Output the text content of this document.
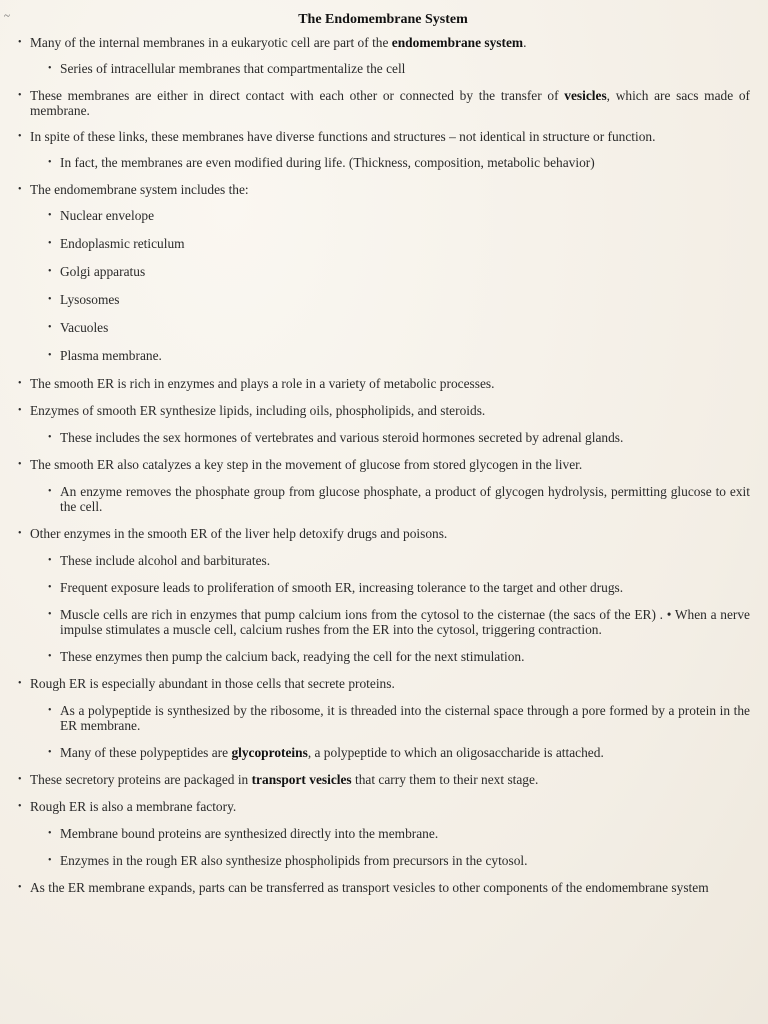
~	The Endomembrane System
• Many of the internal membranes in a eukaryotic cell are part of the endomembrane system.
• Series of intracellular membranes that compartmentalize the cell
• These membranes are either in direct contact with each other or connected by the transfer of vesicles, which are sacs made of membrane.
• In spite of these links, these membranes have diverse functions and structures – not identical in structure or function.
• In fact, the membranes are even modified during life. (Thickness, composition, metabolic behavior)
• The endomembrane system includes the:
• Nuclear envelope
• Endoplasmic reticulum
• Golgi apparatus
• Lysosomes
• Vacuoles
• Plasma membrane.
• The smooth ER is rich in enzymes and plays a role in a variety of metabolic processes.
• Enzymes of smooth ER synthesize lipids, including oils, phospholipids, and steroids.
• These includes the sex hormones of vertebrates and various steroid hormones secreted by adrenal glands.
• The smooth ER also catalyzes a key step in the movement of glucose from stored glycogen in the liver.
• An enzyme removes the phosphate group from glucose phosphate, a product of glycogen hydrolysis, permitting glucose to exit the cell.
• Other enzymes in the smooth ER of the liver help detoxify drugs and poisons.
• These include alcohol and barbiturates.
• Frequent exposure leads to proliferation of smooth ER, increasing tolerance to the target and other drugs.
• Muscle cells are rich in enzymes that pump calcium ions from the cytosol to the cisternae (the sacs of the ER) . • When a nerve impulse stimulates a muscle cell, calcium rushes from the ER into the cytosol, triggering contraction.
• These enzymes then pump the calcium back, readying the cell for the next stimulation.
• Rough ER is especially abundant in those cells that secrete proteins.
• As a polypeptide is synthesized by the ribosome, it is threaded into the cisternal space through a pore formed by a protein in the ER membrane.
• Many of these polypeptides are glycoproteins, a polypeptide to which an oligosaccharide is attached.
• These secretory proteins are packaged in transport vesicles that carry them to their next stage.
• Rough ER is also a membrane factory.
• Membrane bound proteins are synthesized directly into the membrane.
• Enzymes in the rough ER also synthesize phospholipids from precursors in the cytosol.
• As the ER membrane expands, parts can be transferred as transport vesicles to other components of the endomembrane system
